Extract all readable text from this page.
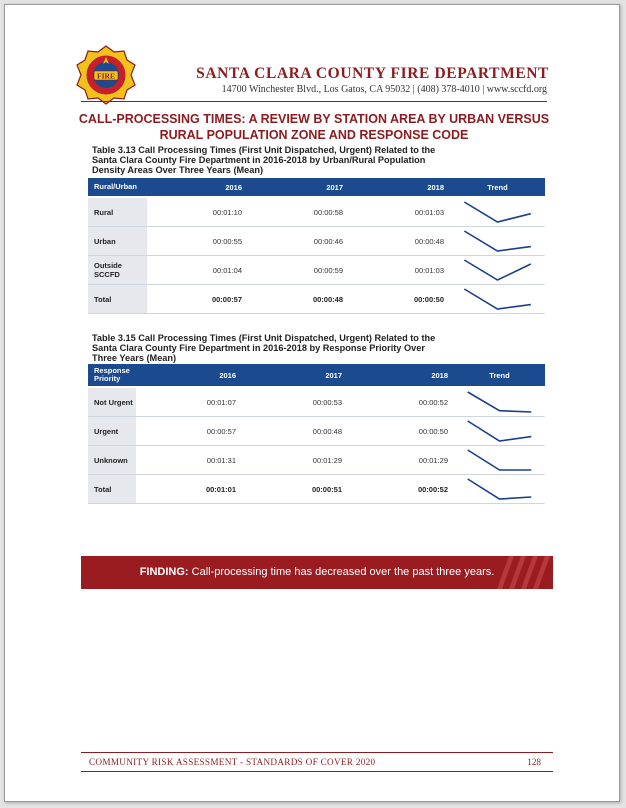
FIRE	SANTA CLARA COUNTY FIRE DEPARTMENT
14700 Winchester Blvd., Los Gatos, CA 95032 | (408) 378-4010 | www.sccfd.org
CALL-PROCESSING TIMES: A REVIEW BY STATION AREA BY URBAN VERSUS
RURAL POPULATION ZONE AND RESPONSE CODE
Table 3.13 Call Processing Times (First Unit Dispatched, Urgent) Related to the
Santa Clara County Fire Department in 2016-2018 by Urban/Rural Population
Density Areas Over Three Years (Mean)
Rural/Urban	2016	2017	2018	Trend
Rural	00:01:10	00:00:58	00:01:03
Urban	00:00:55	00:00:46	00:00:48
Outside SCCFD	00:01:04	00:00:59	00:01:03
Total	00:00:57	00:00:48	00:00:50
Table 3.15 Call Processing Times (First Unit Dispatched, Urgent) Related to the
Santa Clara County Fire Department in 2016-2018 by Response Priority Over
Three Years (Mean)
Response Priority	2016	2017	2018	Trend
Not Urgent	00:01:07	00:00:53	00:00:52
Urgent	00:00:57	00:00:48	00:00:50
Unknown	00:01:31	00:01:29	00:01:29
Total	00:01:01	00:00:51	00:00:52
FINDING: Call-processing time has decreased over the past three years.
COMMUNITY RISK ASSESSMENT - STANDARDS OF COVER 2020	128
